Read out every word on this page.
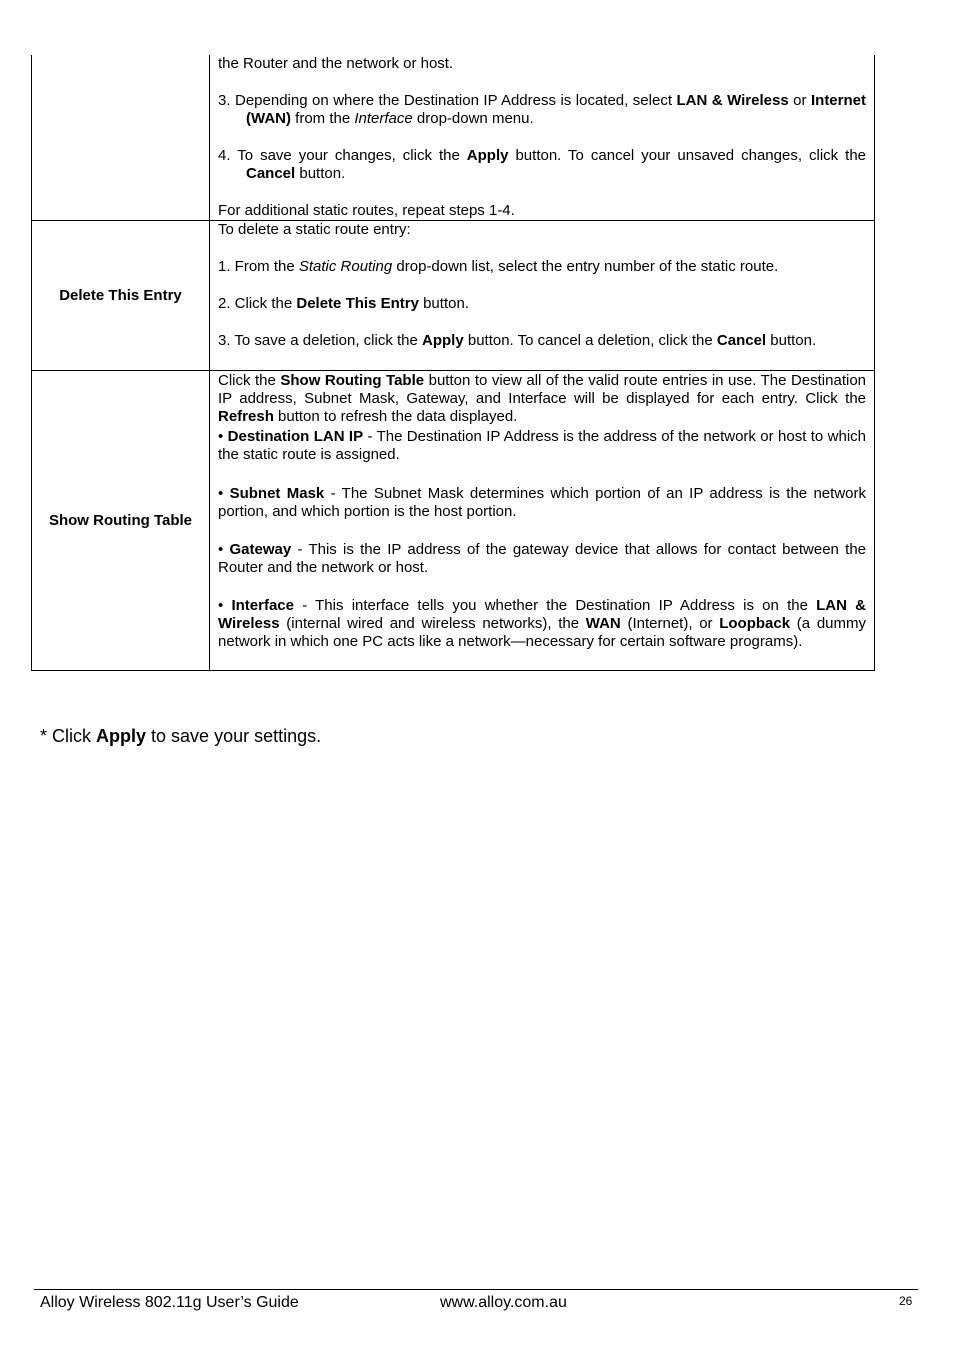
	the Router and the network or host.

3. Depending on where the Destination IP Address is located, select LAN & Wireless or Internet (WAN) from the Interface drop-down menu.

4. To save your changes, click the Apply button. To cancel your unsaved changes, click the Cancel button.

For additional static routes, repeat steps 1-4.

Delete This Entry	To delete a static route entry:

1. From the Static Routing drop-down list, select the entry number of the static route.

2. Click the Delete This Entry button.

3. To save a deletion, click the Apply button. To cancel a deletion, click the Cancel button.

Show Routing Table	Click the Show Routing Table button to view all of the valid route entries in use. The Destination IP address, Subnet Mask, Gateway, and Interface will be displayed for each entry. Click the Refresh button to refresh the data displayed.

• Destination LAN IP - The Destination IP Address is the address of the network or host to which the static route is assigned.

• Subnet Mask - The Subnet Mask determines which portion of an IP address is the network portion, and which portion is the host portion.

• Gateway - This is the IP address of the gateway device that allows for contact between the Router and the network or host.

• Interface - This interface tells you whether the Destination IP Address is on the LAN & Wireless (internal wired and wireless networks), the WAN (Internet), or Loopback (a dummy network in which one PC acts like a network—necessary for certain software programs).

* Click Apply to save your settings.
Alloy Wireless 802.11g User’s Guide	www.alloy.com.au	26
